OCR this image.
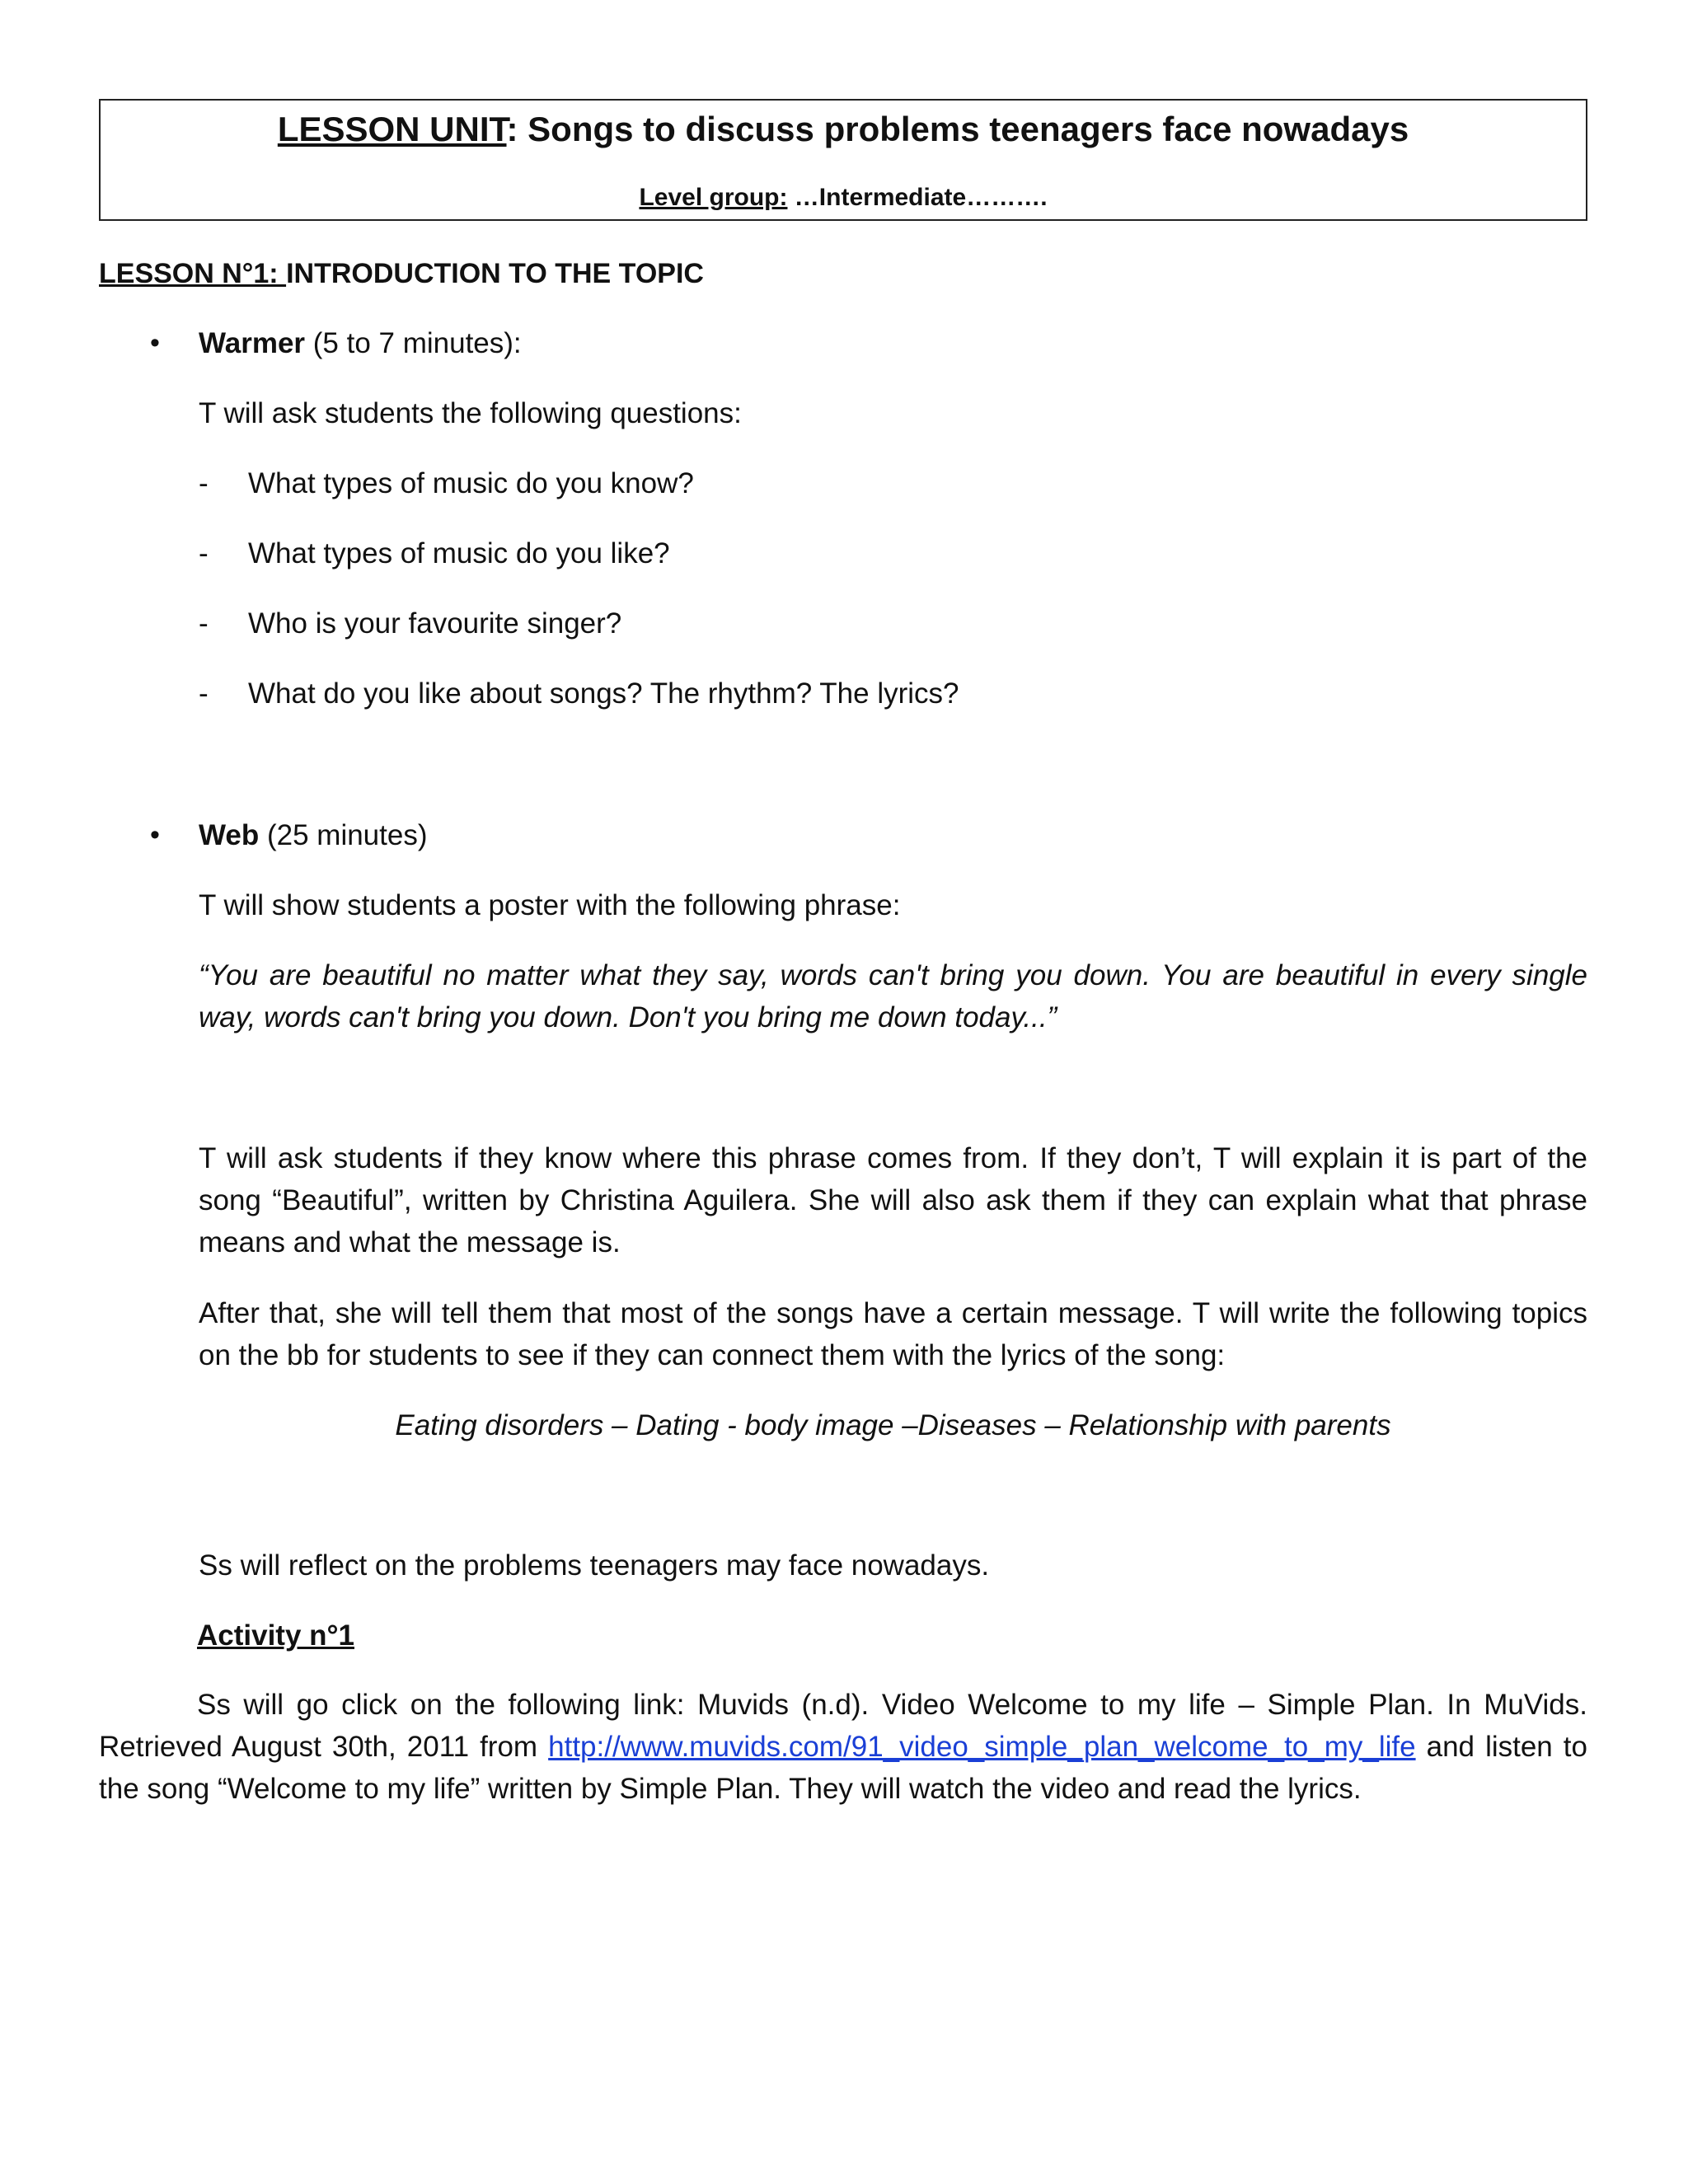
LESSON UNIT: Songs to discuss problems teenagers face nowadays
Level group: …Intermediate……….
LESSON N°1: INTRODUCTION TO THE TOPIC
• Warmer (5 to 7 minutes):
T will ask students the following questions:
- What types of music do you know?
- What types of music do you like?
- Who is your favourite singer?
- What do you like about songs? The rhythm? The lyrics?
• Web (25 minutes)
T will show students a poster with the following phrase:
“You are beautiful no matter what they say, words can't bring you down. You are beautiful in every single way, words can't bring you down. Don't you bring me down today...”
T will ask students if they know where this phrase comes from. If they don’t, T will explain it is part of the song “Beautiful”, written by Christina Aguilera. She will also ask them if they can explain what that phrase means and what the message is.
After that, she will tell them that most of the songs have a certain message. T will write the following topics on the bb for students to see if they can connect them with the lyrics of the song:
Eating disorders – Dating - body image –Diseases – Relationship with parents
Ss will reflect on the problems teenagers may face nowadays.
Activity n°1
Ss will go click on the following link: Muvids (n.d). Video Welcome to my life – Simple Plan. In MuVids. Retrieved August 30th, 2011 from http://www.muvids.com/91_video_simple_plan_welcome_to_my_life and listen to the song “Welcome to my life” written by Simple Plan. They will watch the video and read the lyrics.
